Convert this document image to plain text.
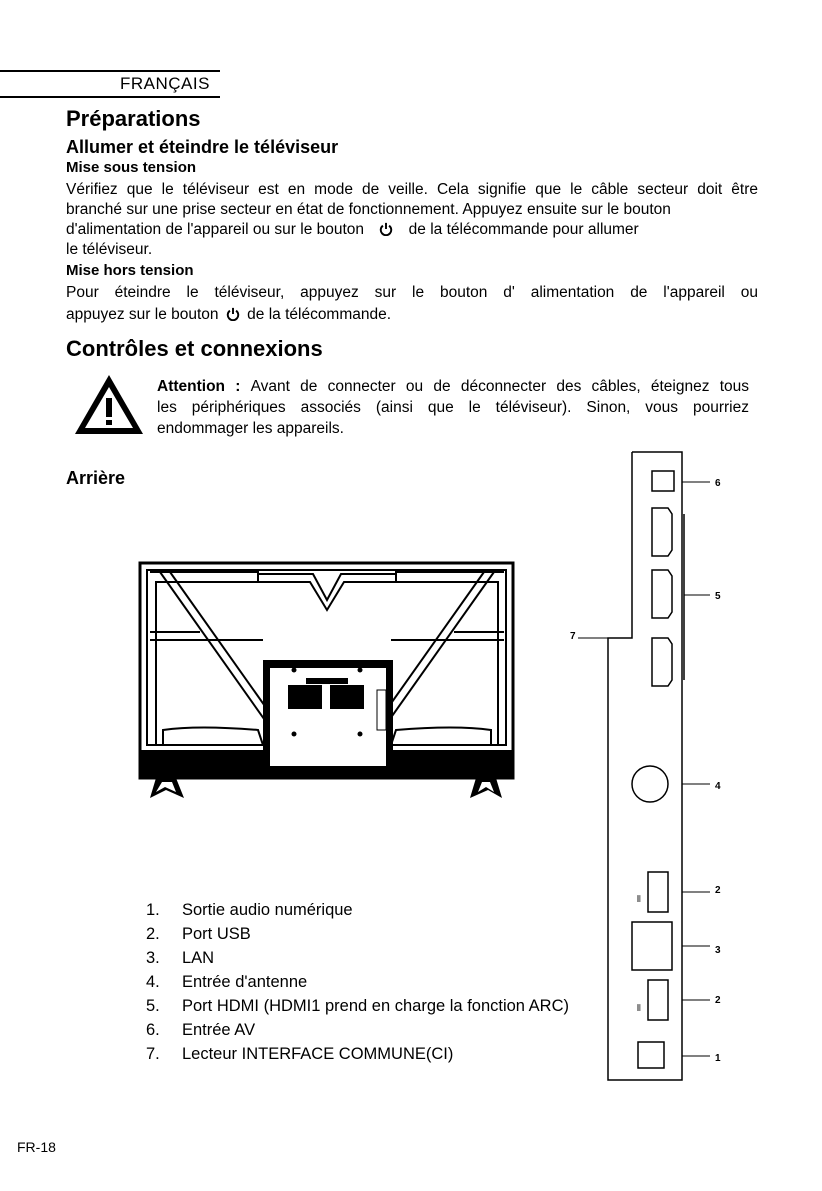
FRANÇAIS
Préparations
Allumer et éteindre le téléviseur
Mise sous tension
Vérifiez que le téléviseur est en mode de veille. Cela signifie que le câble secteur doit être
branché sur une prise secteur en état de fonctionnement. Appuyez ensuite sur le bouton
d'alimentation de l'appareil ou sur le bouton	de la télécommande pour allumer
le téléviseur.
Mise hors tension
Pour éteindre le téléviseur, appuyez sur le bouton d' alimentation de l'appareil ou
appuyez sur le bouton de la télécommande.
Contrôles et connexions
Attention : Avant de connecter ou de déconnecter des câbles, éteignez tous
les périphériques associés (ainsi que le téléviseur). Sinon, vous pourriez
endommager les appareils.
Arrière
7
6
5
4
⫴
2
3
⫴
2
1
1.	Sortie audio numérique
2.	Port USB
3.	LAN
4.	Entrée d'antenne
5.	Port HDMI (HDMI1 prend en charge la fonction ARC)
6.	Entrée AV
7.	Lecteur INTERFACE COMMUNE(CI)
FR-18
